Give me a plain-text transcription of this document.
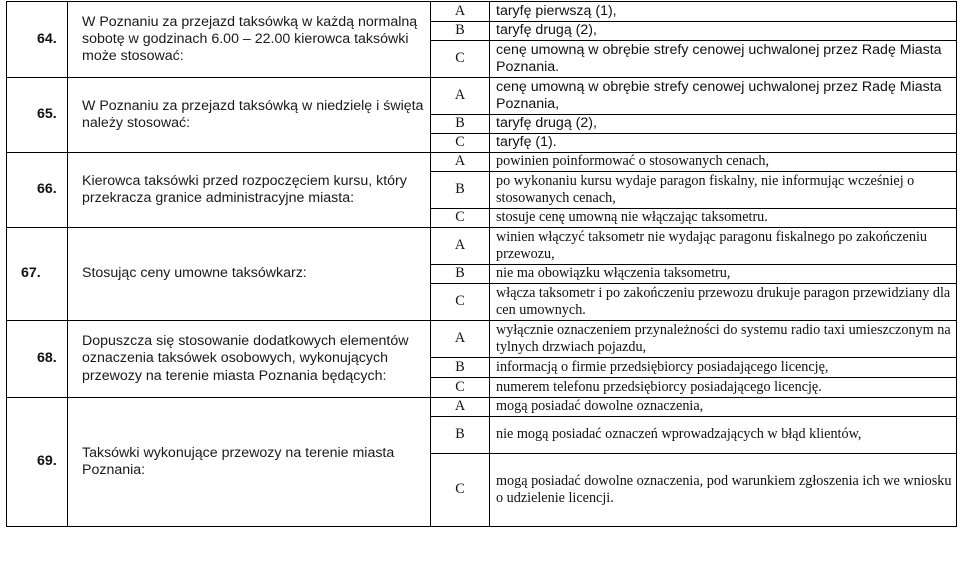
64.	W Poznaniu za przejazd taksówką w każdą normalną sobotę w godzinach 6.00 – 22.00 kierowca taksówki może stosować:	A	taryfę pierwszą (1),
		B	taryfę drugą (2),
		C	cenę umowną w obrębie strefy cenowej uchwalonej przez Radę Miasta Poznania.
65.	W Poznaniu za przejazd taksówką w niedzielę i święta należy stosować:	A	cenę umowną w obrębie strefy cenowej uchwalonej przez Radę Miasta Poznania,
		B	taryfę drugą (2),
		C	taryfę (1).
66.	Kierowca taksówki przed rozpoczęciem kursu, który przekracza granice administracyjne miasta:	A	powinien poinformować o stosowanych cenach,
		B	po wykonaniu kursu wydaje paragon fiskalny, nie informując wcześniej o stosowanych cenach,
		C	stosuje cenę umowną nie włączając taksometru.
67.	Stosując ceny umowne taksówkarz:	A	winien włączyć taksometr nie wydając paragonu fiskalnego po zakończeniu przewozu,
		B	nie ma obowiązku włączenia taksometru,
		C	włącza taksometr i po zakończeniu przewozu drukuje paragon przewidziany dla cen umownych.
68.	Dopuszcza się stosowanie dodatkowych elementów oznaczenia taksówek osobowych, wykonujących przewozy na terenie miasta Poznania będących:	A	wyłącznie oznaczeniem przynależności do systemu radio taxi umieszczonym na tylnych drzwiach pojazdu,
		B	informacją o firmie przedsiębiorcy posiadającego licencję,
		C	numerem telefonu przedsiębiorcy posiadającego licencję.
69.	Taksówki wykonujące przewozy na terenie miasta Poznania:	A	mogą posiadać dowolne oznaczenia,
		B	nie mogą posiadać oznaczeń wprowadzających w błąd klientów,
		C	mogą posiadać dowolne oznaczenia, pod warunkiem zgłoszenia ich we wniosku o udzielenie licencji.
